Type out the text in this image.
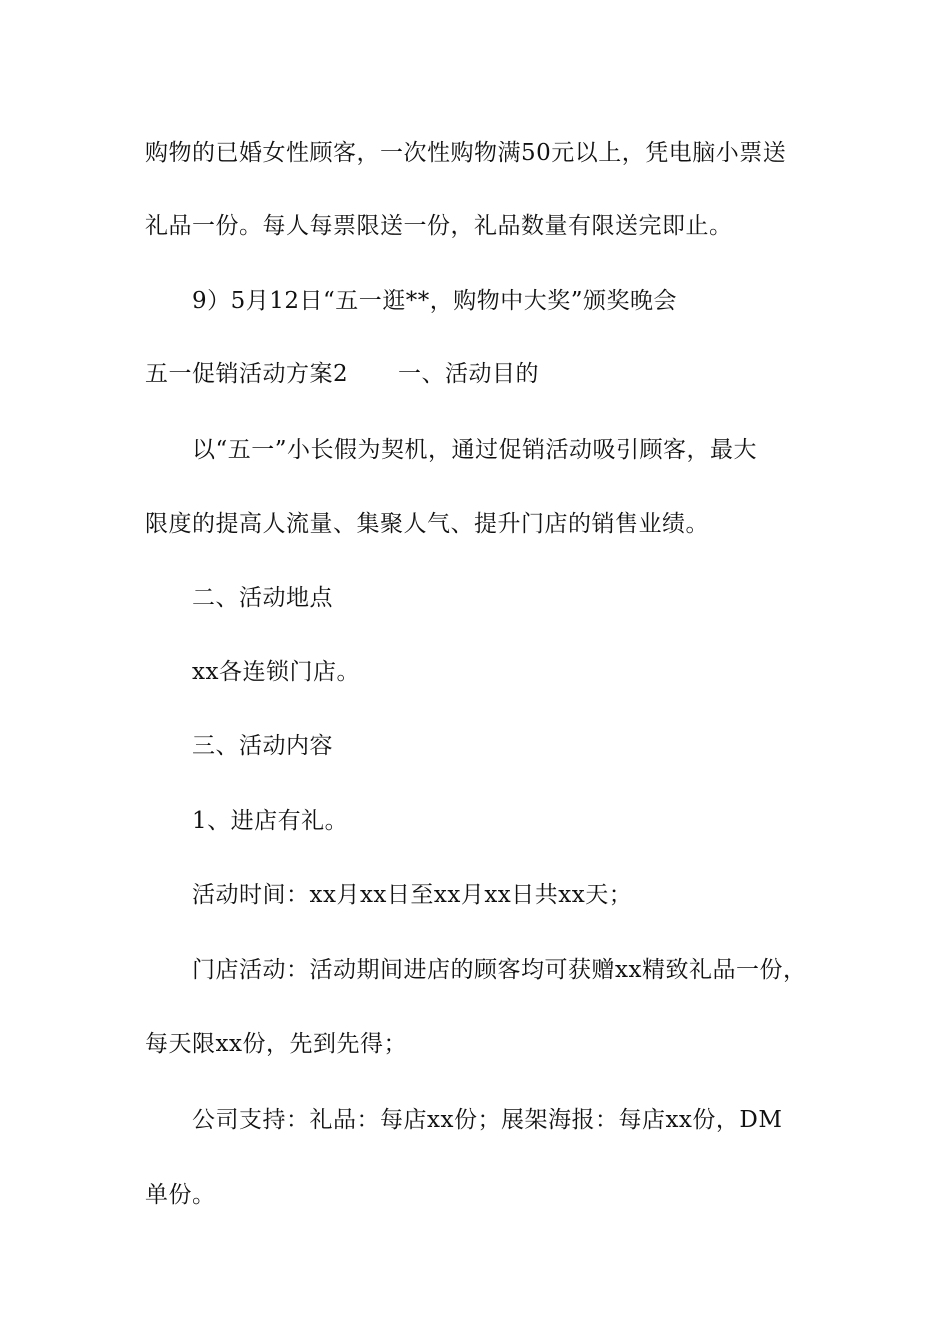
购物的已婚女性顾客，一次性购物满50元以上，凭电脑小票送
礼品一份。每人每票限送一份，礼品数量有限送完即止。
9）5月12日“五一逛**，购物中大奖”颁奖晚会
五一促销活动方案2 一、活动目的
以“五一”小长假为契机，通过促销活动吸引顾客，最大
限度的提高人流量、集聚人气、提升门店的销售业绩。
二、活动地点
xx各连锁门店。
三、活动内容
1、进店有礼。
活动时间：xx月xx日至xx月xx日共xx天；
门店活动：活动期间进店的顾客均可获赠xx精致礼品一份，
每天限xx份，先到先得；
公司支持：礼品：每店xx份；展架海报：每店xx份，DM
单份。
